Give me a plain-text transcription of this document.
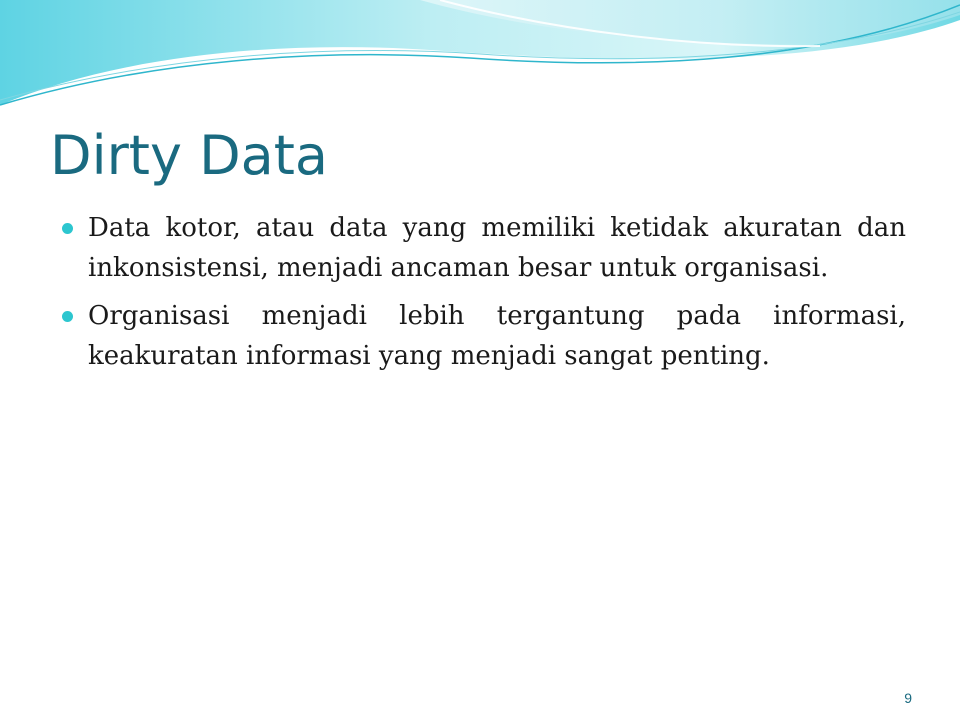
Dirty Data
Data kotor, atau data yang memiliki ketidak akuratan dan inkonsistensi, menjadi ancaman besar untuk organisasi.
Organisasi menjadi lebih tergantung pada informasi, keakuratan informasi yang menjadi sangat penting.
9
